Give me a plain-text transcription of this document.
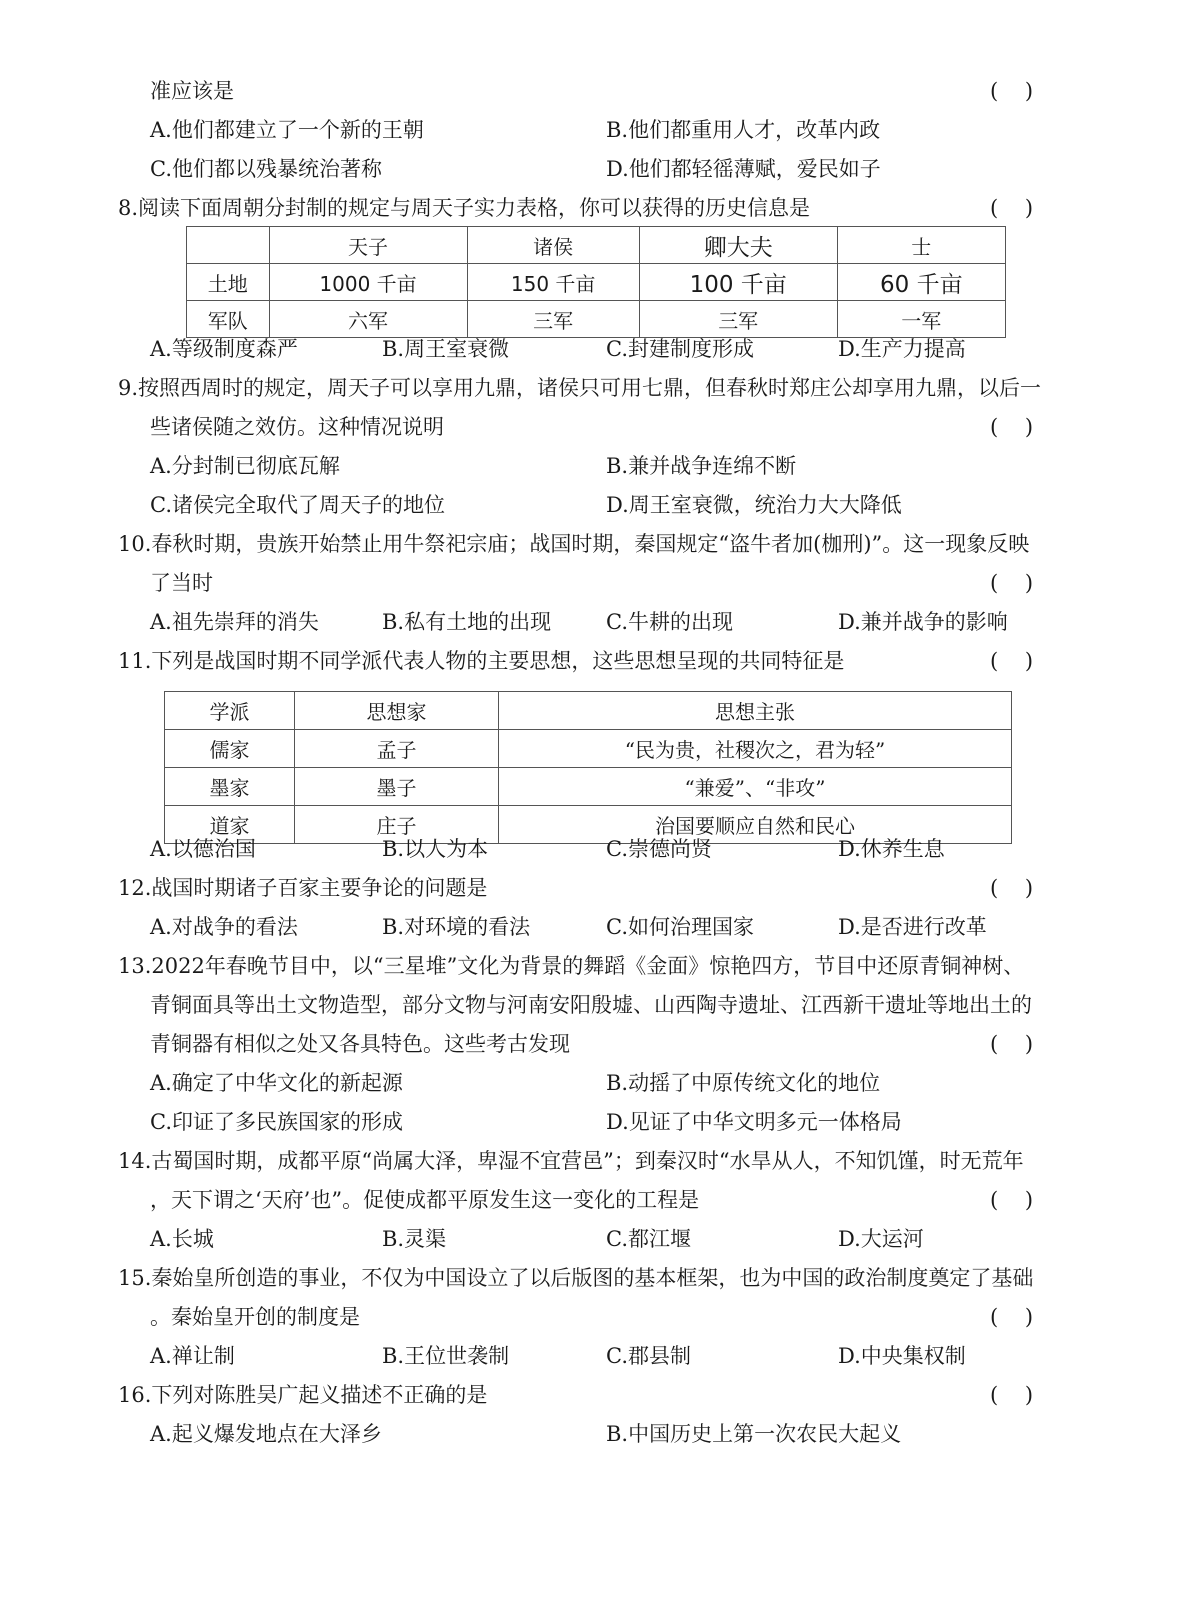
准应该是	(    )
A.他们都建立了一个新的王朝	B.他们都重用人才，改革内政
C.他们都以残暴统治著称	D.他们都轻徭薄赋，爱民如子
8.阅读下面周朝分封制的规定与周天子实力表格，你可以获得的历史信息是	(    )
	天子	诸侯	卿大夫	士
土地	1000 千亩	150 千亩	100 千亩	60 千亩
军队	六军	三军	三军	一军
A.等级制度森严	B.周王室衰微	C.封建制度形成	D.生产力提高
9.按照西周时的规定，周天子可以享用九鼎，诸侯只可用七鼎，但春秋时郑庄公却享用九鼎，以后一
些诸侯随之效仿。这种情况说明	(    )
A.分封制已彻底瓦解	B.兼并战争连绵不断
C.诸侯完全取代了周天子的地位	D.周王室衰微，统治力大大降低
10.春秋时期，贵族开始禁止用牛祭祀宗庙；战国时期，秦国规定“盗牛者加(枷刑)”。这一现象反映
了当时	(    )
A.祖先崇拜的消失	B.私有土地的出现	C.牛耕的出现	D.兼并战争的影响
11.下列是战国时期不同学派代表人物的主要思想，这些思想呈现的共同特征是	(    )
学派	思想家	思想主张
儒家	孟子	“民为贵，社稷次之，君为轻”
墨家	墨子	“兼爱”、“非攻”
道家	庄子	治国要顺应自然和民心
A.以德治国	B.以人为本	C.崇德尚贤	D.休养生息
12.战国时期诸子百家主要争论的问题是	(    )
A.对战争的看法	B.对环境的看法	C.如何治理国家	D.是否进行改革
13.2022年春晚节目中，以“三星堆”文化为背景的舞蹈《金面》惊艳四方，节目中还原青铜神树、
青铜面具等出土文物造型，部分文物与河南安阳殷墟、山西陶寺遗址、江西新干遗址等地出土的
青铜器有相似之处又各具特色。这些考古发现	(    )
A.确定了中华文化的新起源	B.动摇了中原传统文化的地位
C.印证了多民族国家的形成	D.见证了中华文明多元一体格局
14.古蜀国时期，成都平原“尚属大泽，卑湿不宜营邑”；到秦汉时“水旱从人，不知饥馑，时无荒年
，天下谓之‘天府’也”。促使成都平原发生这一变化的工程是	(    )
A.长城	B.灵渠	C.都江堰	D.大运河
15.秦始皇所创造的事业，不仅为中国设立了以后版图的基本框架，也为中国的政治制度奠定了基础
。秦始皇开创的制度是	(    )
A.禅让制	B.王位世袭制	C.郡县制	D.中央集权制
16.下列对陈胜吴广起义描述不正确的是	(    )
A.起义爆发地点在大泽乡	B.中国历史上第一次农民大起义
